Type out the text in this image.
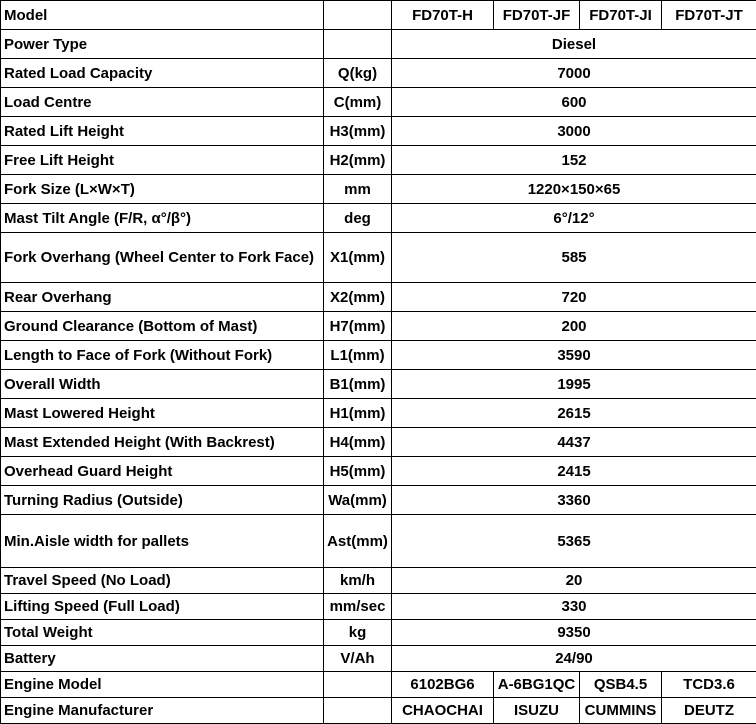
Model		FD70T-H	FD70T-JF	FD70T-JI	FD70T-JT
Power Type		Diesel			
Rated Load Capacity	Q(kg)	7000			
Load Centre	C(mm)	600			
Rated Lift Height	H3(mm)	3000			
Free Lift Height	H2(mm)	152			
Fork Size (L×W×T)	mm	1220×150×65			
Mast Tilt Angle (F/R, α°/β°)	deg	6°/12°			
Fork Overhang (Wheel Center to Fork Face)	X1(mm)	585			
Rear Overhang	X2(mm)	720			
Ground Clearance (Bottom of Mast)	H7(mm)	200			
Length to Face of Fork (Without Fork)	L1(mm)	3590			
Overall Width	B1(mm)	1995			
Mast Lowered Height	H1(mm)	2615			
Mast Extended Height (With Backrest)	H4(mm)	4437			
Overhead Guard Height	H5(mm)	2415			
Turning Radius (Outside)	Wa(mm)	3360			
Min.Aisle width for pallets	Ast(mm)	5365			
Travel Speed (No Load)	km/h	20			
Lifting Speed (Full Load)	mm/sec	330			
Total Weight	kg	9350			
Battery	V/Ah	24/90			
Engine Model		6102BG6	A-6BG1QC	QSB4.5	TCD3.6
Engine Manufacturer		CHAOCHAI	ISUZU	CUMMINS	DEUTZ
